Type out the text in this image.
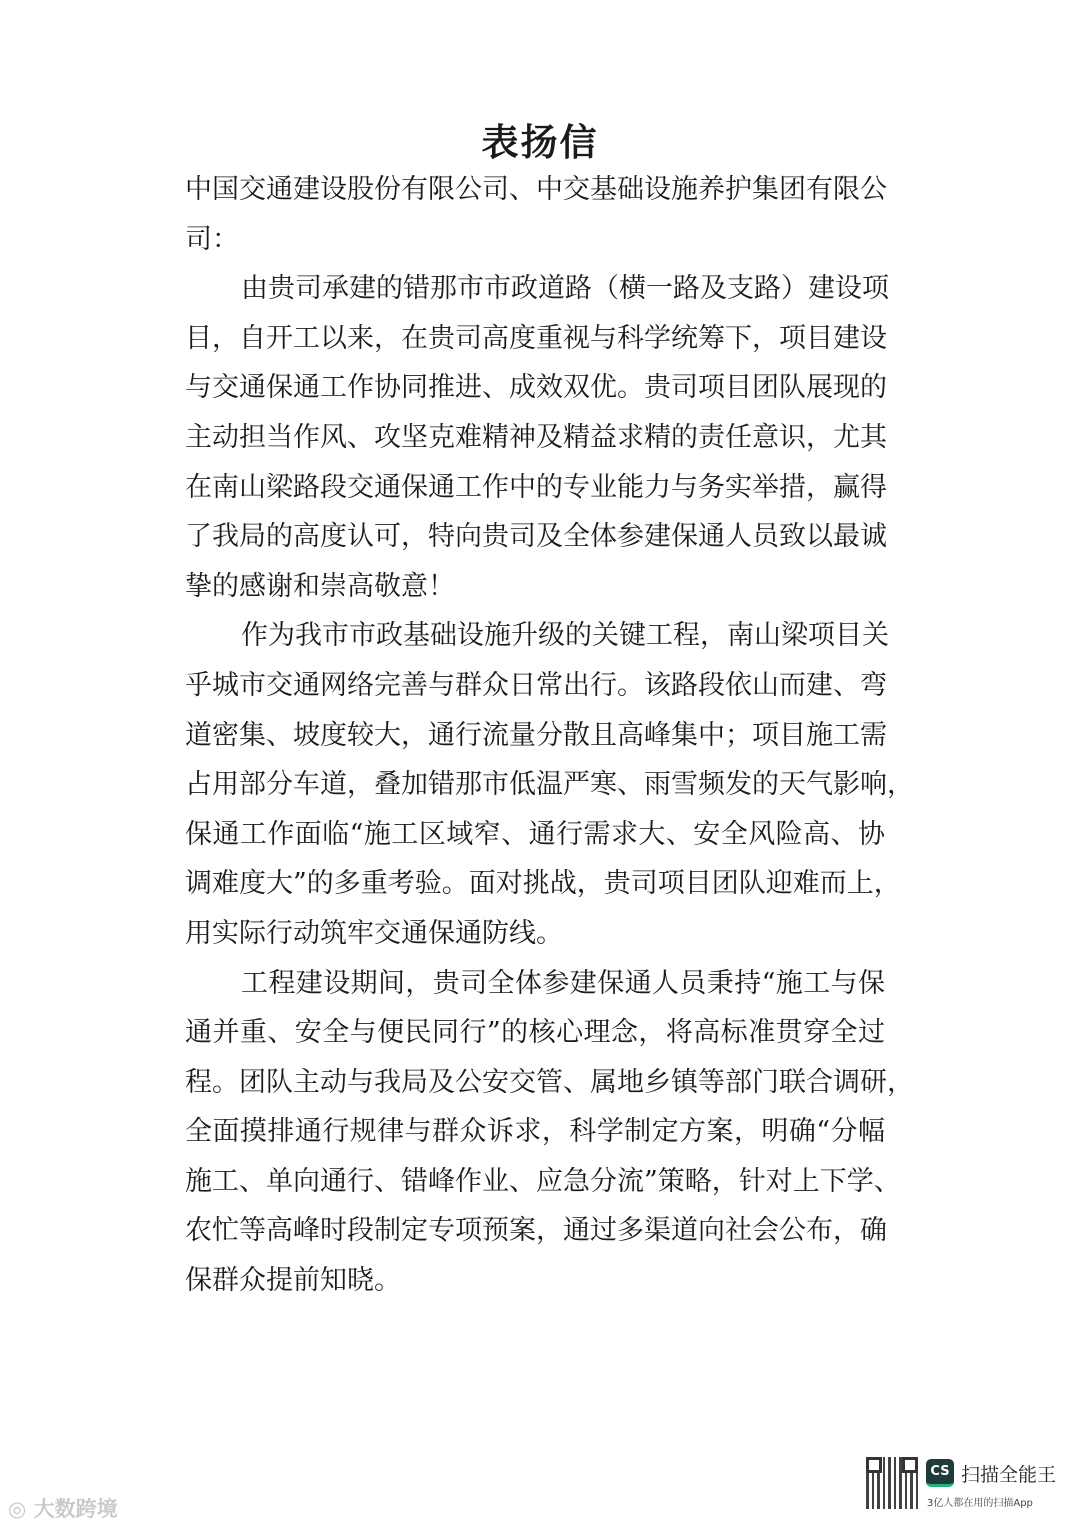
表扬信
中国交通建设股份有限公司、中交基础设施养护集团有限公
司：
由贵司承建的错那市市政道路（横一路及支路）建设项
目，自开工以来，在贵司高度重视与科学统筹下，项目建设
与交通保通工作协同推进、成效双优。贵司项目团队展现的
主动担当作风、攻坚克难精神及精益求精的责任意识，尤其
在南山梁路段交通保通工作中的专业能力与务实举措，赢得
了我局的高度认可，特向贵司及全体参建保通人员致以最诚
挚的感谢和崇高敬意！
作为我市市政基础设施升级的关键工程，南山梁项目关
乎城市交通网络完善与群众日常出行。该路段依山而建、弯
道密集、坡度较大，通行流量分散且高峰集中；项目施工需
占用部分车道，叠加错那市低温严寒、雨雪频发的天气影响，
保通工作面临“施工区域窄、通行需求大、安全风险高、协
调难度大”的多重考验。面对挑战，贵司项目团队迎难而上，
用实际行动筑牢交通保通防线。
工程建设期间，贵司全体参建保通人员秉持“施工与保
通并重、安全与便民同行”的核心理念，将高标准贯穿全过
程。团队主动与我局及公安交管、属地乡镇等部门联合调研，
全面摸排通行规律与群众诉求，科学制定方案，明确“分幅
施工、单向通行、错峰作业、应急分流”策略，针对上下学、
农忙等高峰时段制定专项预案，通过多渠道向社会公布，确
保群众提前知晓。
◎ 大数跨境
CS 扫描全能王
3亿人都在用的扫描App
